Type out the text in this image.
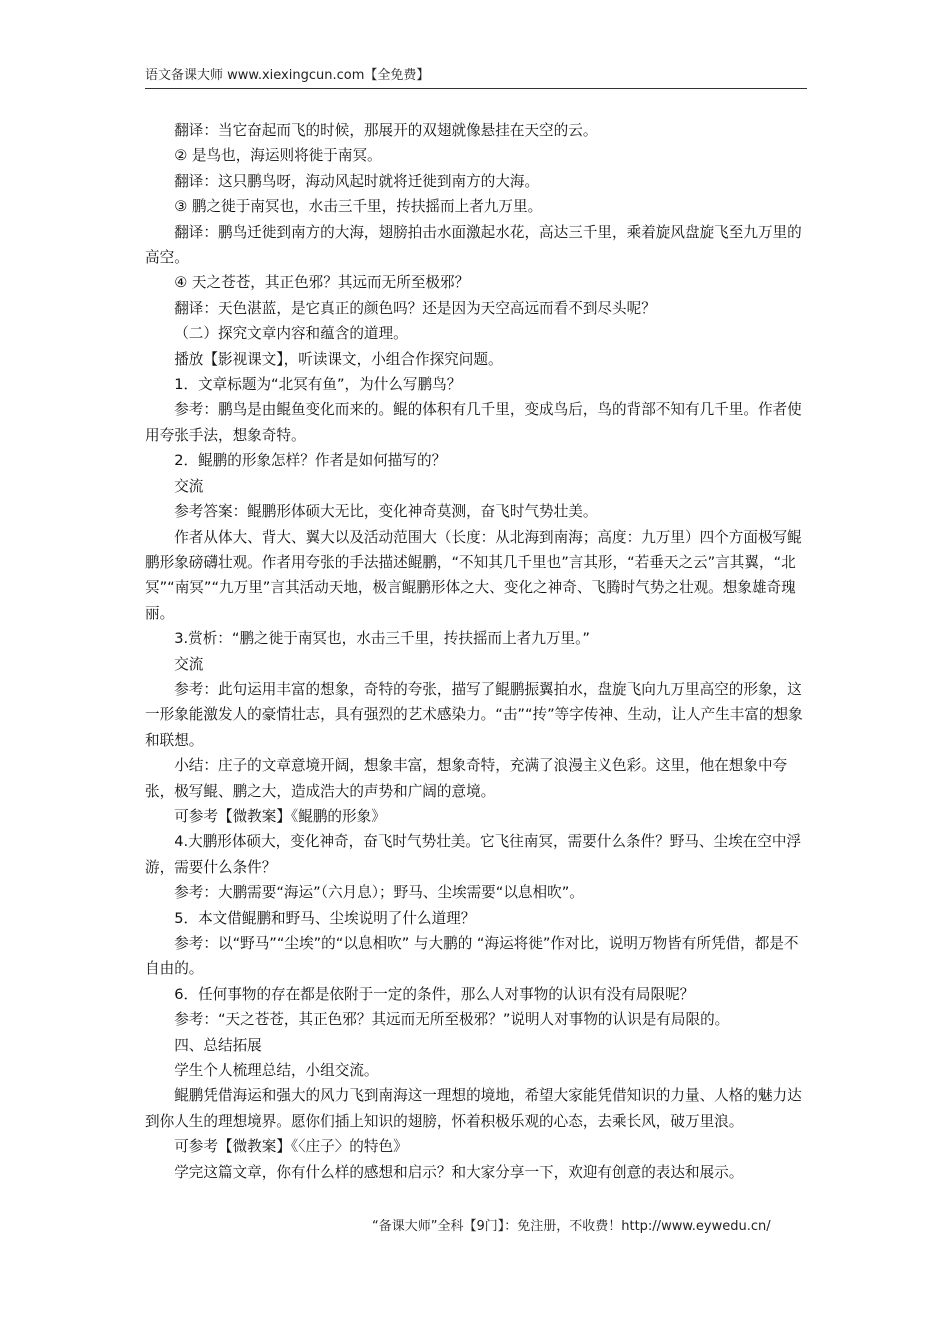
语文备课大师 www.xiexingcun.com【全免费】

翻译：当它奋起而飞的时候，那展开的双翅就像悬挂在天空的云。

② 是鸟也，海运则将徙于南冥。

翻译：这只鹏鸟呀，海动风起时就将迁徙到南方的大海。

③ 鹏之徙于南冥也，水击三千里，抟扶摇而上者九万里。

翻译：鹏鸟迁徙到南方的大海，翅膀拍击水面激起水花，高达三千里，乘着旋风盘旋飞至九万里的高空。

④ 天之苍苍，其正色邪？其远而无所至极邪？

翻译：天色湛蓝，是它真正的颜色吗？还是因为天空高远而看不到尽头呢？

（二）探究文章内容和蕴含的道理。

播放【影视课文】，听读课文，小组合作探究问题。

1．文章标题为“北冥有鱼”，为什么写鹏鸟？

参考：鹏鸟是由鲲鱼变化而来的。鲲的体积有几千里，变成鸟后，鸟的背部不知有几千里。作者使用夸张手法，想象奇特。

2．鲲鹏的形象怎样？作者是如何描写的？

交流

参考答案：鲲鹏形体硕大无比，变化神奇莫测，奋飞时气势壮美。

作者从体大、背大、翼大以及活动范围大（长度：从北海到南海；高度：九万里）四个方面极写鲲鹏形象磅礴壮观。作者用夸张的手法描述鲲鹏，“不知其几千里也”言其形，“若垂天之云”言其翼，“北冥”“南冥”“九万里”言其活动天地，极言鲲鹏形体之大、变化之神奇、飞腾时气势之壮观。想象雄奇瑰丽。

3.赏析：“鹏之徙于南冥也，水击三千里，抟扶摇而上者九万里。”

交流

参考：此句运用丰富的想象，奇特的夸张，描写了鲲鹏振翼拍水，盘旋飞向九万里高空的形象，这一形象能激发人的豪情壮志，具有强烈的艺术感染力。“击”“抟”等字传神、生动，让人产生丰富的想象和联想。

小结：庄子的文章意境开阔，想象丰富，想象奇特，充满了浪漫主义色彩。这里，他在想象中夸张，极写鲲、鹏之大，造成浩大的声势和广阔的意境。

可参考【微教案】《鲲鹏的形象》

4.大鹏形体硕大，变化神奇，奋飞时气势壮美。它飞往南冥，需要什么条件？野马、尘埃在空中浮游，需要什么条件？

参考：大鹏需要“海运”（六月息）；野马、尘埃需要“以息相吹”。

5．本文借鲲鹏和野马、尘埃说明了什么道理？

参考：以“野马”“尘埃”的“以息相吹” 与大鹏的 “海运将徙”作对比，说明万物皆有所凭借，都是不自由的。

6．任何事物的存在都是依附于一定的条件，那么人对事物的认识有没有局限呢？

参考：“天之苍苍，其正色邪？其远而无所至极邪？”说明人对事物的认识是有局限的。

四、总结拓展

学生个人梳理总结，小组交流。

鲲鹏凭借海运和强大的风力飞到南海这一理想的境地，希望大家能凭借知识的力量、人格的魅力达到你人生的理想境界。愿你们插上知识的翅膀，怀着积极乐观的心态，去乘长风，破万里浪。

可参考【微教案】《〈庄子〉的特色》

学完这篇文章，你有什么样的感想和启示？和大家分享一下，欢迎有创意的表达和展示。

“备课大师”全科【9门】：免注册，不收费！http://www.eywedu.cn/
